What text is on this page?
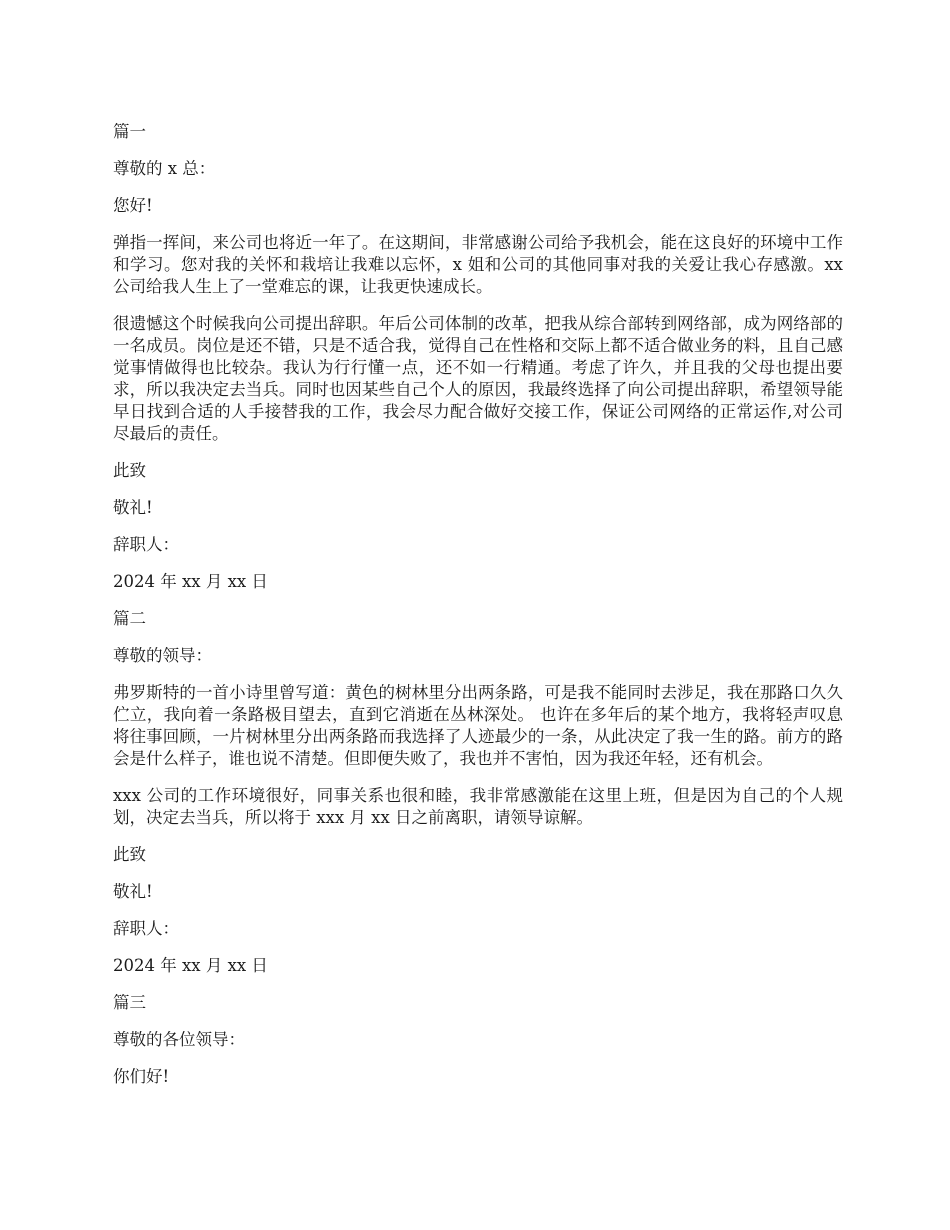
篇一

尊敬的 x 总：

您好!

弹指一挥间，来公司也将近一年了。在这期间，非常感谢公司给予我机会，能在这良好的环境中工作和学习。您对我的关怀和栽培让我难以忘怀，x 姐和公司的其他同事对我的关爱让我心存感激。xx 公司给我人生上了一堂难忘的课，让我更快速成长。

很遗憾这个时候我向公司提出辞职。年后公司体制的改革，把我从综合部转到网络部，成为网络部的一名成员。岗位是还不错，只是不适合我，觉得自己在性格和交际上都不适合做业务的料，且自己感觉事情做得也比较杂。我认为行行懂一点，还不如一行精通。考虑了许久，并且我的父母也提出要求，所以我决定去当兵。同时也因某些自己个人的原因，我最终选择了向公司提出辞职，希望领导能早日找到合适的人手接替我的工作，我会尽力配合做好交接工作，保证公司网络的正常运作,对公司尽最后的责任。

此致

敬礼!

辞职人：

2024 年 xx 月 xx 日

篇二

尊敬的领导：

弗罗斯特的一首小诗里曾写道：黄色的树林里分出两条路，可是我不能同时去涉足，我在那路口久久伫立，我向着一条路极目望去，直到它消逝在丛林深处。 也许在多年后的某个地方，我将轻声叹息将往事回顾，一片树林里分出两条路而我选择了人迹最少的一条，从此决定了我一生的路。前方的路会是什么样子，谁也说不清楚。但即便失败了，我也并不害怕，因为我还年轻，还有机会。

xxx 公司的工作环境很好，同事关系也很和睦，我非常感激能在这里上班，但是因为自己的个人规划，决定去当兵，所以将于 xxx 月 xx 日之前离职，请领导谅解。

此致

敬礼!

辞职人：

2024 年 xx 月 xx 日

篇三

尊敬的各位领导：

你们好!
